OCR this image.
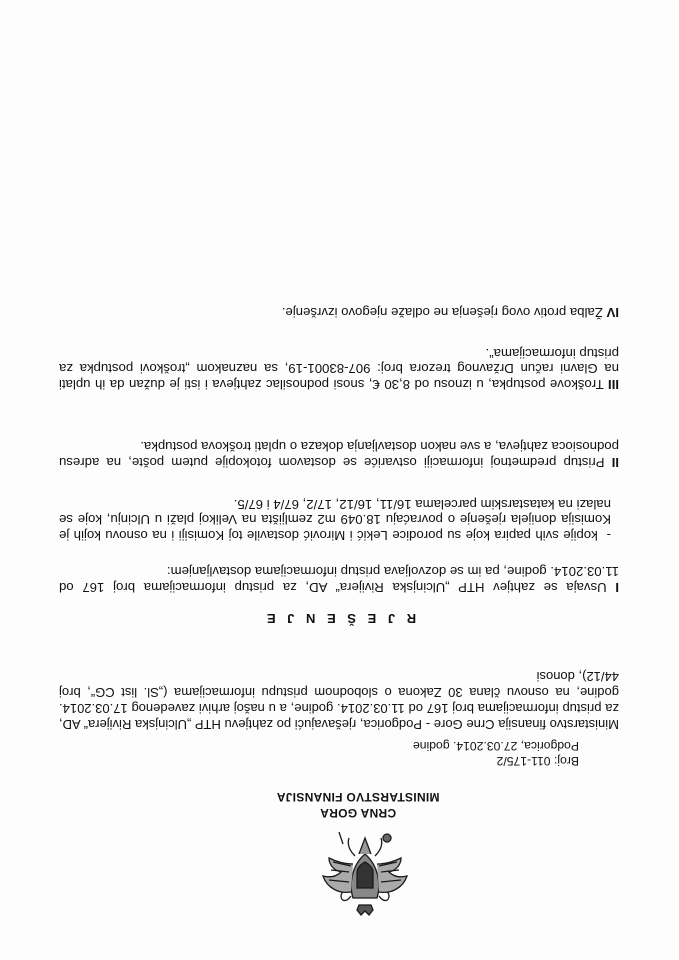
CRNA GORA
MINISTARSTVO FINANSIJA
Broj: 011-175/2
Podgorica, 27.03.2014. godine
Ministarstvo finansija Crne Gore - Podgorica, rješavajući po zahtjevu HTP „Ulcinjska Rivijera“ AD, za pristup informacijama broj 167 od 11.03.2014. godine, a u našoj arhivi zavedenog 17.03.2014. godine, na osnovu člana 30 Zakona o slobodnom pristupu informacijama („Sl. list CG“, broj 44/12), donosi
R J E Š E N J E
I Usvaja se zahtjev HTP „Ulcinjska Rivijera“ AD, za pristup informacijama broj 167 od 11.03.2014. godine, pa im se dozvoljava pristup informacijama dostavljanjem:
-  kopije svih papira koje su porodice Lekić i Mirović dostavile toj Komisiji i na osnovu kojih je Komisija donijela rješenje o povraćaju 18.049 m2 zemljišta na Velikoj plaži u Ulcinju, koje se nalazi na katastarskim parcelama 16/11, 16/12, 17/2, 67/4 i 67/5.
II Pristup predmetnoj informaciji ostvariće se dostavom fotokopije putem pošte, na adresu podnosioca zahtjeva, a sve nakon dostavljanja dokaza o uplati troškova postupka.
III Troškove postupka, u iznosu od 8,30 €, snosi podnosilac zahtjeva i isti je dužan da ih uplati na Glavni račun Državnog trezora broj: 907-83001-19, sa naznakom „troškovi postupka za pristup informacijama“.
IV Žalba protiv ovog rješenja ne odlaže njegovo izvršenje.
